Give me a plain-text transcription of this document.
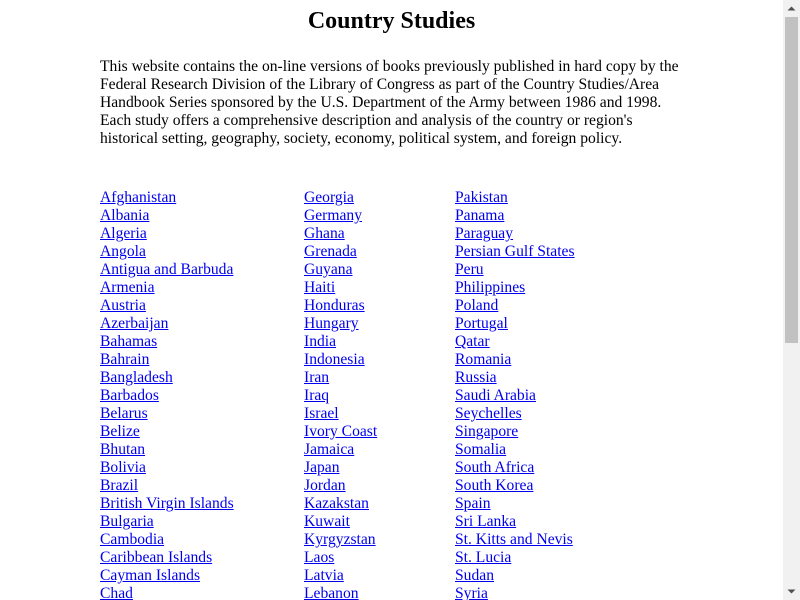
Country Studies

This website contains the on-line versions of books previously published in hard copy by the Federal Research Division of the Library of Congress as part of the Country Studies/Area Handbook Series sponsored by the U.S. Department of the Army between 1986 and 1998. Each study offers a comprehensive description and analysis of the country or region's historical setting, geography, society, economy, political system, and foreign policy.

Afghanistan
Albania
Algeria
Angola
Antigua and Barbuda
Armenia
Austria
Azerbaijan
Bahamas
Bahrain
Bangladesh
Barbados
Belarus
Belize
Bhutan
Bolivia
Brazil
British Virgin Islands
Bulgaria
Cambodia
Caribbean Islands
Cayman Islands
Chad
Georgia
Germany
Ghana
Grenada
Guyana
Haiti
Honduras
Hungary
India
Indonesia
Iran
Iraq
Israel
Ivory Coast
Jamaica
Japan
Jordan
Kazakstan
Kuwait
Kyrgyzstan
Laos
Latvia
Lebanon
Pakistan
Panama
Paraguay
Persian Gulf States
Peru
Philippines
Poland
Portugal
Qatar
Romania
Russia
Saudi Arabia
Seychelles
Singapore
Somalia
South Africa
South Korea
Spain
Sri Lanka
St. Kitts and Nevis
St. Lucia
Sudan
Syria
